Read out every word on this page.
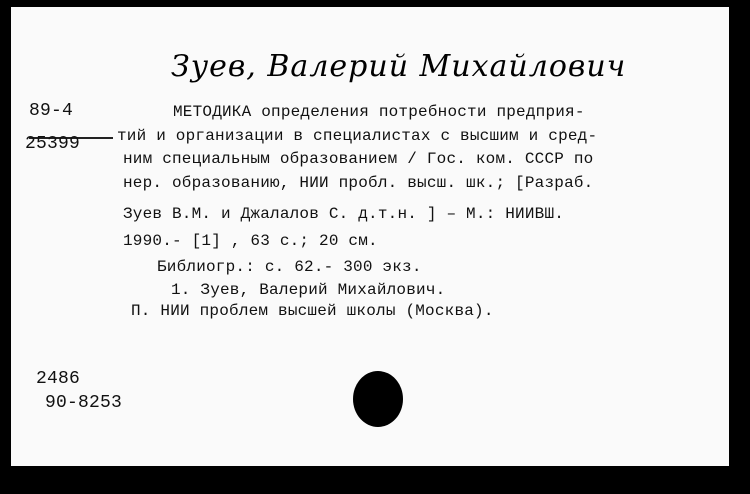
Зуев, Валерий Михайлович
89-4
25399
МЕТОДИКА определения потребности предприя-
тий и организации в специалистах с высшим и сред-
ним специальным образованием / Гос. ком. СССР по
нер. образованию, НИИ пробл. высш. шк.; [Разраб.
Зуев В.М. и Джалалов С. д.т.н. ] – М.: НИИВШ.
1990.- [1] , 63 с.; 20 см.
Библиогр.: с. 62.- 300 экз.
1. Зуев, Валерий Михайлович.
П. НИИ проблем высшей школы (Москва).
2486
90-8253
